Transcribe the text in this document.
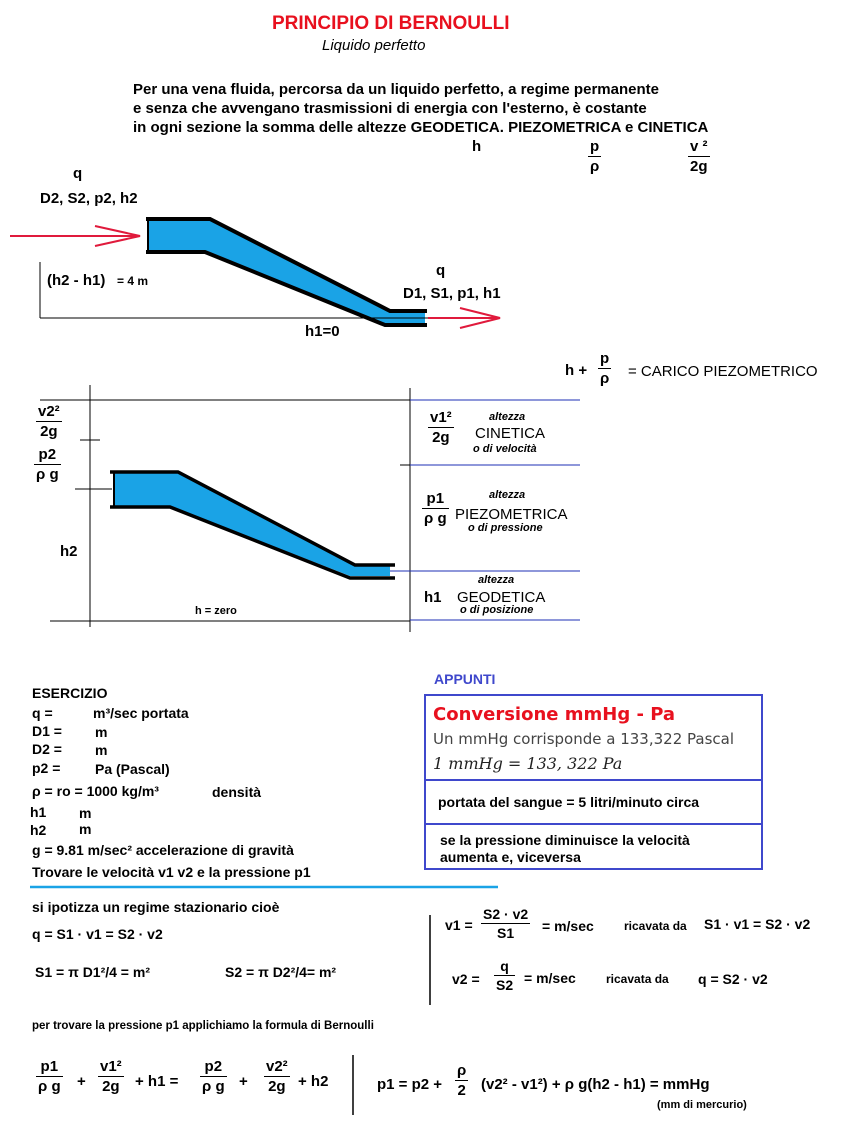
PRINCIPIO DI BERNOULLI
Liquido perfetto
Per una vena fluida, percorsa da un liquido perfetto, a regime permanente
e senza che avvengano trasmissioni di energia con l'esterno, è costante
in ogni sezione la somma delle altezze GEODETICA. PIEZOMETRICA e CINETICA
h	p
ρ
v ²
2g
q
D2, S2, p2, h2
(h2 - h1) = 4 m
q
D1, S1, p1, h1
h1=0
h +
p
ρ = CARICO PIEZOMETRICO
v2²
2g
p2
ρ g
h2
h = zero
v1²
2g
altezza
CINETICA
o di velocità
p1
ρ g
altezza
PIEZOMETRICA
o di pressione
altezza
h1 GEODETICA
o di posizione
ESERCIZIO
q =	m³/sec portata
D1 = m
D2 = m
p2 = Pa (Pascal)
ρ = ro = 1000 kg/m³	densità
h1 m
h2 m
g = 9.81 m/sec² accelerazione di gravità
Trovare le velocità v1 v2 e la pressione p1
APPUNTI
Conversione mmHg - Pa
Un mmHg corrisponde a 133,322 Pascal
1 mmHg = 133, 322 Pa
portata del sangue = 5 litri/minuto circa
se la pressione diminuisce la velocità
aumenta e, viceversa
si ipotizza un regime stazionario cioè
q = S1 · v1 = S2 · v2
S1 = π D1²/4 = m²	S2 = π D2²/4= m²
v1 =
S2 · v2
S1 = m/sec	ricavata da S1 · v1 = S2 · v2
v2 =
q
S2 = m/sec	ricavata da q = S2 · v2
per trovare la pressione p1 applichiamo la formula di Bernoulli
p1
ρ g +
v1²
2g + h1 =
p2
ρ g +
v2²
2g + h2	p1 = p2 +
ρ
2 (v2² - v1²) + ρ g(h2 - h1) = mmHg
(mm di mercurio)
